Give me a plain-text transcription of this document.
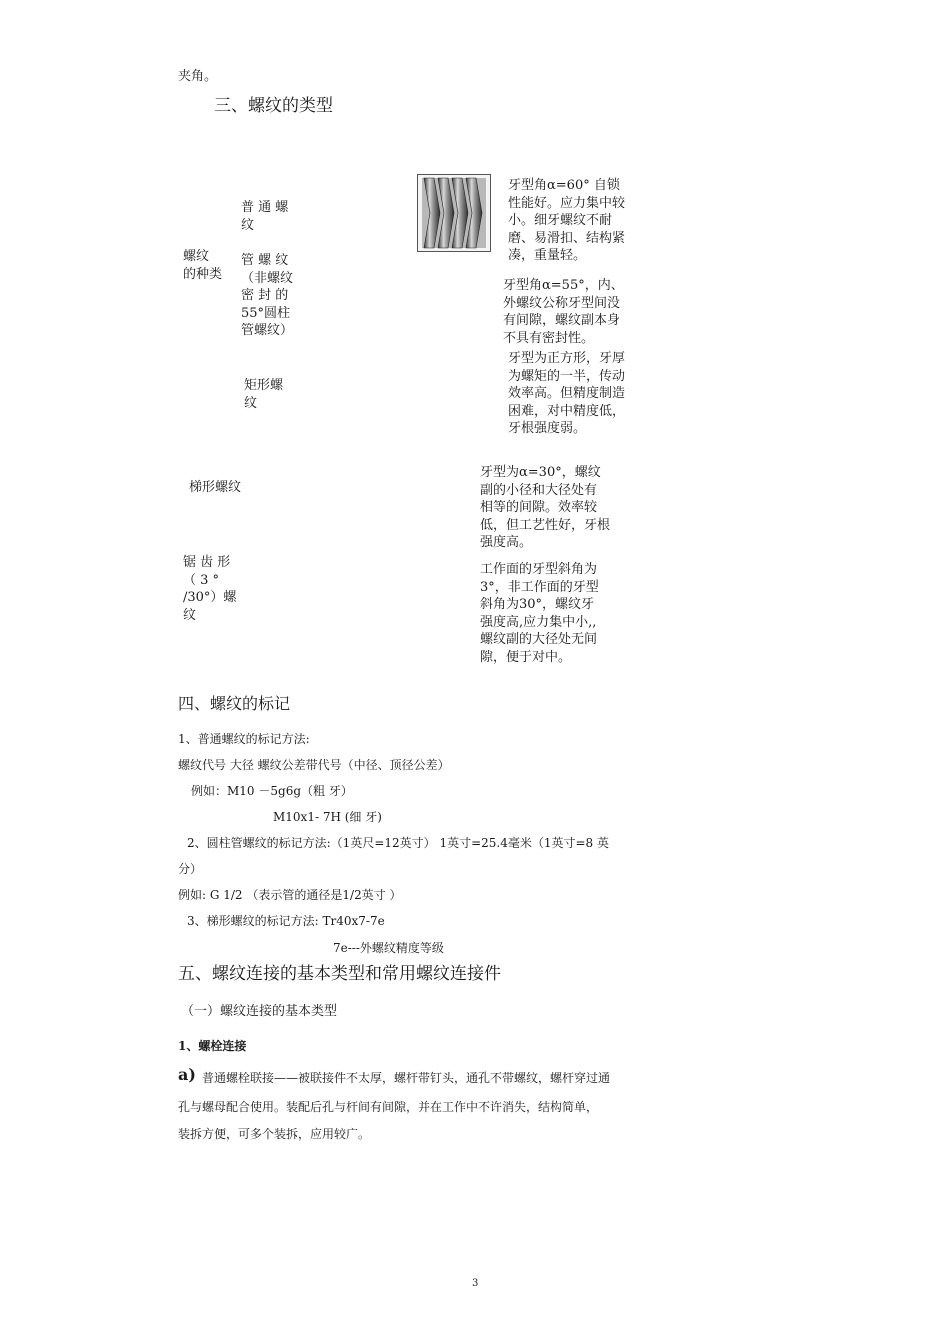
夹角。

三、螺纹的类型

螺纹
的种类
普 通 螺
纹
牙型角α=60° 自锁
性能好。应力集中较
小。细牙螺纹不耐
磨、易滑扣、结构紧
凑，重量轻。
管 螺 纹
（非螺纹
密 封 的
55°圆柱
管螺纹）
牙型角α=55°，内、
外螺纹公称牙型间没
有间隙，螺纹副本身
不具有密封性。
矩形螺
纹
牙型为正方形，牙厚
为螺矩的一半，传动
效率高。但精度制造
困难，对中精度低，
牙根强度弱。
梯形螺纹
牙型为α=30°，螺纹
副的小径和大径处有
相等的间隙。效率较
低，但工艺性好，牙根
强度高。
锯 齿 形
（ 3 °
/30°）螺
纹
工作面的牙型斜角为
3°，非工作面的牙型
斜角为30°，螺纹牙
强度高,应力集中小,,
螺纹副的大径处无间
隙，便于对中。

四、螺纹的标记

1、普通螺纹的标记方法:

螺纹代号 大径 螺纹公差带代号（中径、顶径公差）

例如：M10 －5g6g（粗 牙）

M10x1- 7H (细 牙)

2、圆柱管螺纹的标记方法:（1英尺=12英寸） 1英寸=25.4毫米（1英寸=8 英

分）

例如: G 1/2 （表示管的通径是1/2英寸 ）

3、梯形螺纹的标记方法: Tr40x7-7e

7e---外螺纹精度等级

五、螺纹连接的基本类型和常用螺纹连接件

（一）螺纹连接的基本类型

1、螺栓连接

a) 普通螺栓联接——被联接件不太厚，螺杆带钉头，通孔不带螺纹，螺杆穿过通

孔与螺母配合使用。装配后孔与杆间有间隙，并在工作中不许消失，结构简单，

装拆方便，可多个装拆，应用较广。

3
